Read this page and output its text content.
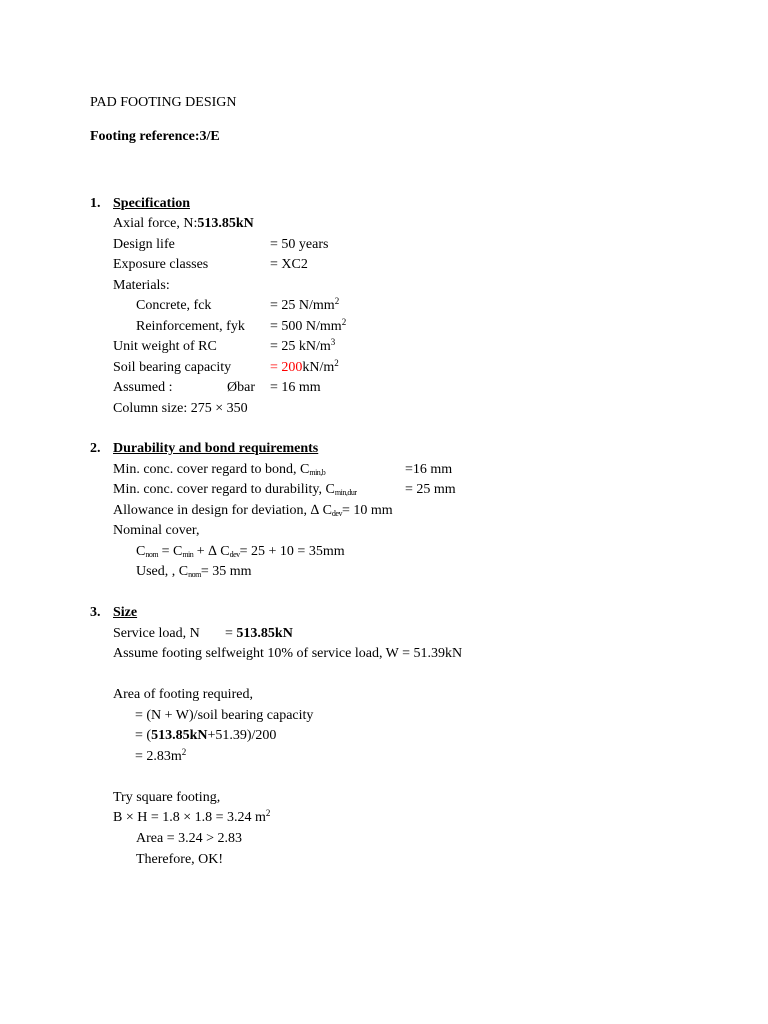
PAD FOOTING DESIGN
Footing reference:3/E
1. Specification
Axial force, N:513.85kN
Design life	= 50 years
Exposure classes	= XC2
Materials:
Concrete, fck	= 25 $N/mm^2$
Reinforcement, fyk = 500 $N/mm^2$
Unit weight of RC	= 25 $kN/m^3$
Soil bearing capacity	= $200kN/m^2$
Assumed :	Øbar = 16 mm
Column size: 275 × 350
2. Durability and bond requirements
Min. conc. cover regard to bond, $C_{min,b}$	=16 mm
Min. conc. cover regard to durability, $C_{min,dur}$	= 25 mm
Allowance in design for deviation, ∆ $C_{dev}= 10$ mm
Nominal cover,
$C_{nom} = C_{min}$ + ∆ $C_{dev}= 25 + 10 = 35mm$
Used, , $C_{nom}= 35$ mm
3. Size
Service load, N = 513.85kN
Assume footing selfweight 10% of service load, W = 51.39kN
Area of footing required,
= (N + W)/soil bearing capacity
= (513.85kN+51.39)/200
= $2.83m^2$
Try square footing,
B × H = 1.8 × 1.8 = 3.24 $m^2$
Area = 3.24 > 2.83
Therefore, OK!
